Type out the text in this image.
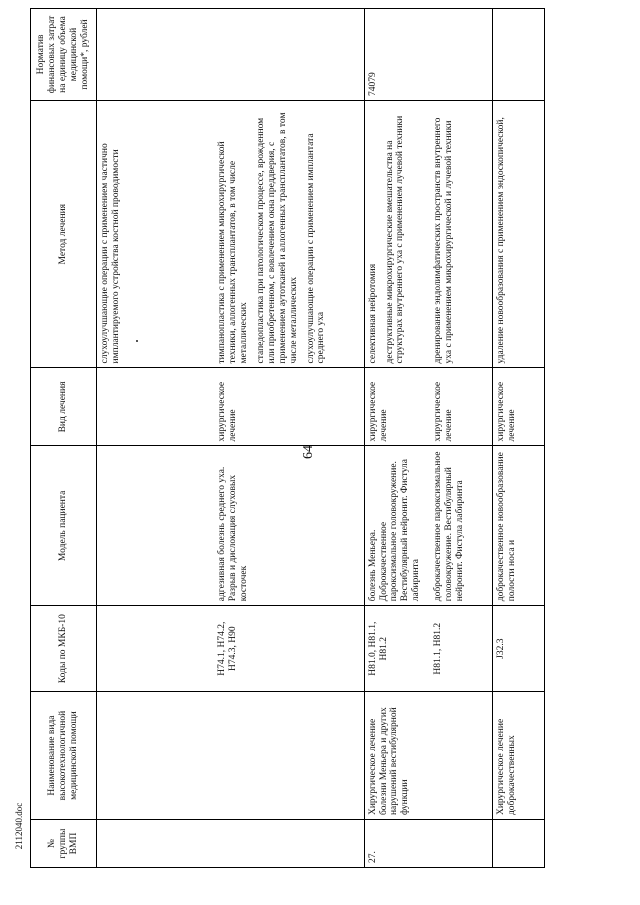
64
2112040.doc № группы ВМП	Наименование вида высокотехнологичной медицинской помощи	Коды по МКБ-10	Модель пациента	Вид лечения	Метод лечения	Норматив финансовых затрат на единицу объема медицинской помощи*, рублей

					слухоулучшающие операции с применением частично имплантируемого устройства костной проводимости	

		H74.1, H74.2, H74.3, H90	адгезивная болезнь среднего уха. Разрыв и дислокация слуховых косточек	хирургическое лечение	тимпанопластика с применением микрохирургической техники, аллогенных трансплантатов, в том числе металлических стапедопластика при патологическом процессе, врожденном или приобретенном, с вовлечением окна преддверия, с применением аутотканей и аллогенных трансплантатов, в том числе металлических слухоулучшающие операции с применением имплантата среднего уха	

27.	Хирургическое лечение болезни Меньера и других нарушений вестибулярной функции	H81.0, H81.1, H81.2	болезнь Меньера. Доброкачественное пароксизмальное головокружение. Вестибулярный нейронит. Фистула лабиринта	хирургическое лечение	селективная нейротомия деструктивные микрохирургические вмешательства на структурах внутреннего уха с применением лучевой техники	74079
		H81.1, H81.2	доброкачественное пароксизмальное головокружение. Вестибулярный нейронит. Фистула лабиринта	хирургическое лечение	дренирование эндолимфатических пространств внутреннего уха с применением микрохирургической и лучевой техники	

	Хирургическое лечение доброкачественных	J32.3	доброкачественное новообразование полости носа и	хирургическое лечение	удаление новообразования с применением эндоскопической,	
